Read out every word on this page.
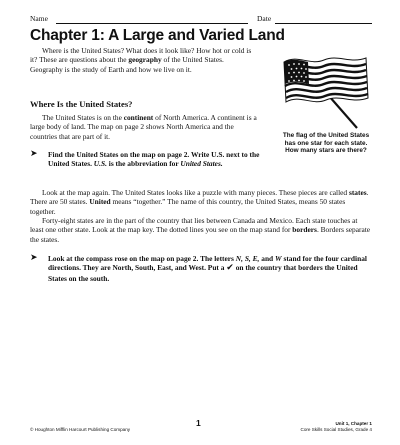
Name	Date
Chapter 1: A Large and Varied Land
Where is the United States? What does it look like? How hot or cold is it? These are questions about the geography of the United States. Geography is the study of Earth and how we live on it.
Where Is the United States?
The United States is on the continent of North America. A continent is a large body of land. The map on page 2 shows North America and the countries that are part of it.
➤ Find the United States on the map on page 2. Write U.S. next to the United States. U.S. is the abbreviation for United States.
The flag of the United States has one star for each state. How many stars are there?
Look at the map again. The United States looks like a puzzle with many pieces. These pieces are called states. There are 50 states. United means “together.” The name of this country, the United States, means 50 states together.
Forty-eight states are in the part of the country that lies between Canada and Mexico. Each state touches at least one other state. Look at the map key. The dotted lines you see on the map stand for borders. Borders separate the states.
➤ Look at the compass rose on the map on page 2. The letters N, S, E, and W stand for the four cardinal directions. They are North, South, East, and West. Put a ✔ on the country that borders the United States on the south.
© Houghton Mifflin Harcourt Publishing Company
1	Unit 1, Chapter 1
Core Skills Social Studies, Grade 4
